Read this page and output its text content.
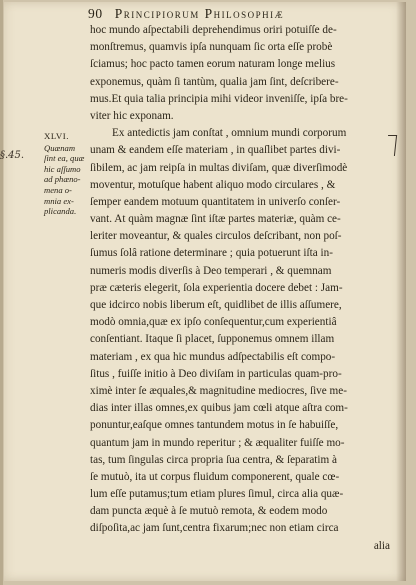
90 Principiorum Philosophiæ
§.45.
XLVI.
Quænam
ſint ea, quæ
hic aſſumo
ad phæno-
mena o-
mnia ex-
plicanda.
hoc mundo aſpectabili deprehendimus oriri potuiſſe de-
monſtremus, quamvis ipſa nunquam ſic orta eſſe probè
ſciamus; hoc pacto tamen eorum naturam longe melius
exponemus, quàm ſi tantùm, qualia jam ſint, deſcribere-
mus.Et quia talia principia mihi videor inveniſſe, ipſa bre-
viter hic exponam.
Ex antedictis jam conſtat , omnium mundi corporum
unam & eandem eſſe materiam , in quaſlibet partes divi-
ſibilem, ac jam reipſa in multas diviſam, quæ diverſimodè
moventur, motuſque habent aliquo modo circulares , &
ſemper eandem motuum quantitatem in univerſo conſer-
vant. At quàm magnæ ſint iſtæ partes materiæ, quàm ce-
leriter moveantur, & quales circulos deſcribant, non poſ-
ſumus ſolâ ratione determinare ; quia potuerunt iſta in-
numeris modis diverſis à Deo temperari , & quemnam
præ cæteris elegerit, ſola experientia docere debet : Jam-
que idcirco nobis liberum eſt, quidlibet de illis aſſumere,
modò omnia,quæ ex ipſo conſequentur,cum experientiâ
conſentiant. Itaque ſi placet, ſupponemus omnem illam
materiam , ex qua hic mundus adſpectabilis eſt compo-
ſitus , fuiſſe initio à Deo diviſam in particulas quam-pro-
ximè inter ſe æquales,& magnitudine mediocres, ſive me-
dias inter illas omnes,ex quibus jam cœli atque aſtra com-
ponuntur,eaſque omnes tantundem motus in ſe habuiſſe,
quantum jam in mundo reperitur ; & æqualiter fuiſſe mo-
tas, tum ſingulas circa propria ſua centra, & ſeparatim à
ſe mutuò, ita ut corpus fluidum componerent, quale cœ-
lum eſſe putamus;tum etiam plures ſimul, circa alia quæ-
dam puncta æquè à ſe mutuò remota, & eodem modo
diſpoſita,ac jam ſunt,centra fixarum;nec non etiam circa
alia
